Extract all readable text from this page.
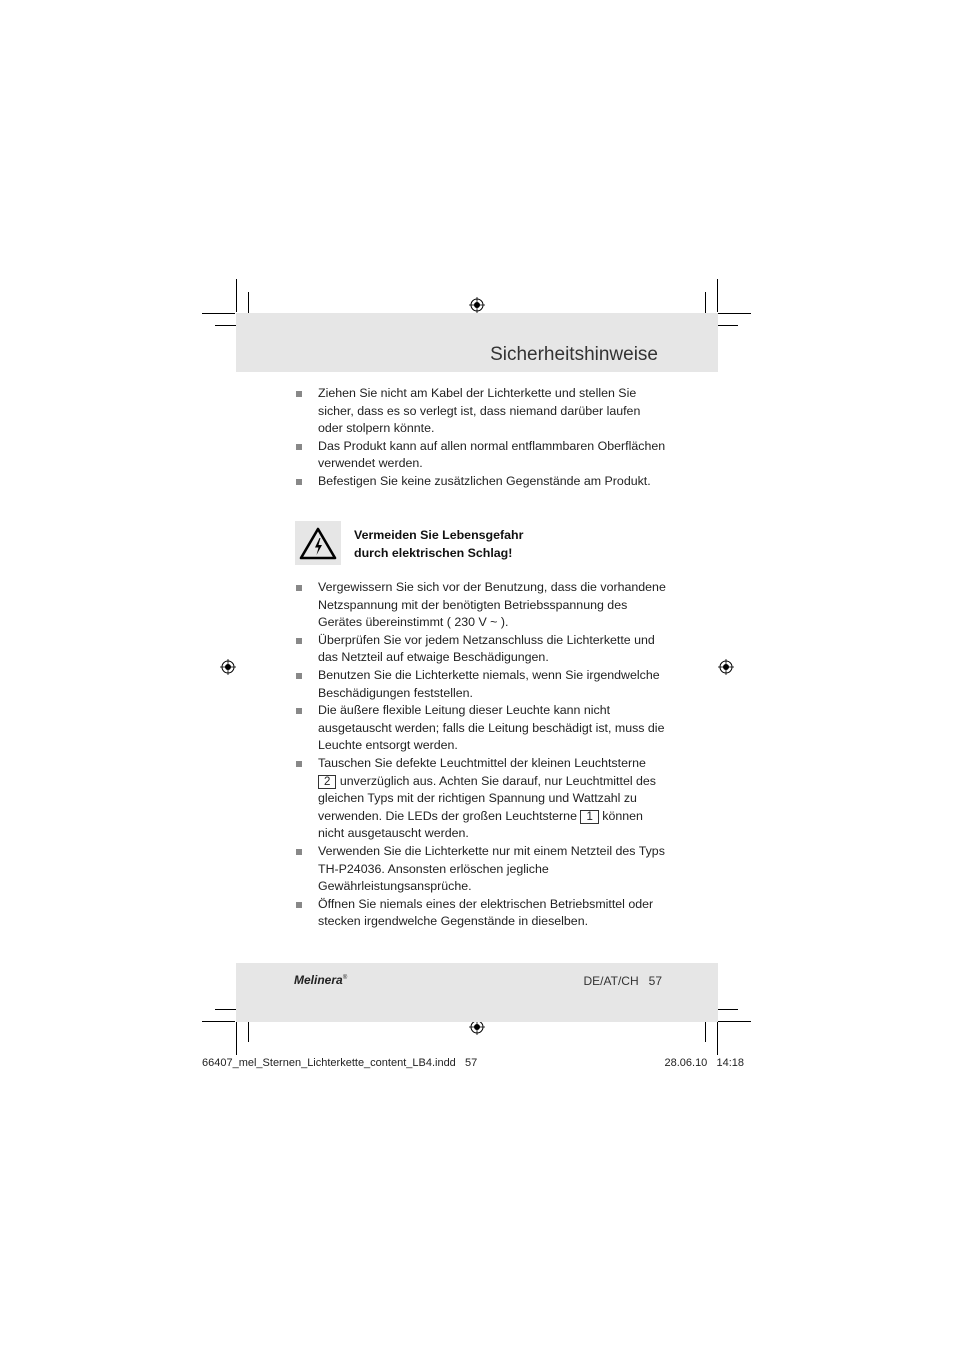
Sicherheitshinweise
Ziehen Sie nicht am Kabel der Lichterkette und stellen Sie sicher, dass es so verlegt ist, dass niemand darüber laufen oder stolpern könnte.
Das Produkt kann auf allen normal entflammbaren Oberflächen verwendet werden.
Befestigen Sie keine zusätzlichen Gegenstände am Produkt.
Vermeiden Sie Lebensgefahr
durch elektrischen Schlag!
Vergewissern Sie sich vor der Benutzung, dass die vorhandene Netzspannung mit der benötigten Betriebsspannung des Gerätes übereinstimmt ( 230 V ~ ).
Überprüfen Sie vor jedem Netzanschluss die Lichterkette und das Netzteil auf etwaige Beschädigungen.
Benutzen Sie die Lichterkette niemals, wenn Sie irgendwelche Beschädigungen feststellen.
Die äußere flexible Leitung dieser Leuchte kann nicht ausgetauscht werden; falls die Leitung beschädigt ist, muss die Leuchte entsorgt werden.
Tauschen Sie defekte Leuchtmittel der kleinen Leuchtsterne 2 unverzüglich aus. Achten Sie darauf, nur Leuchtmittel des gleichen Typs mit der richtigen Spannung und Wattzahl zu verwenden. Die LEDs der großen Leuchtsterne 1 können nicht ausgetauscht werden.
Verwenden Sie die Lichterkette nur mit einem Netzteil des Typs TH-P24036. Ansonsten erlöschen jegliche Gewährleistungsansprüche.
Öffnen Sie niemals eines der elektrischen Betriebsmittel oder stecken irgendwelche Gegenstände in dieselben.
Melinera®	DE/AT/CH 57
66407_mel_Sternen_Lichterkette_content_LB4.indd   57	28.06.10   14:18
